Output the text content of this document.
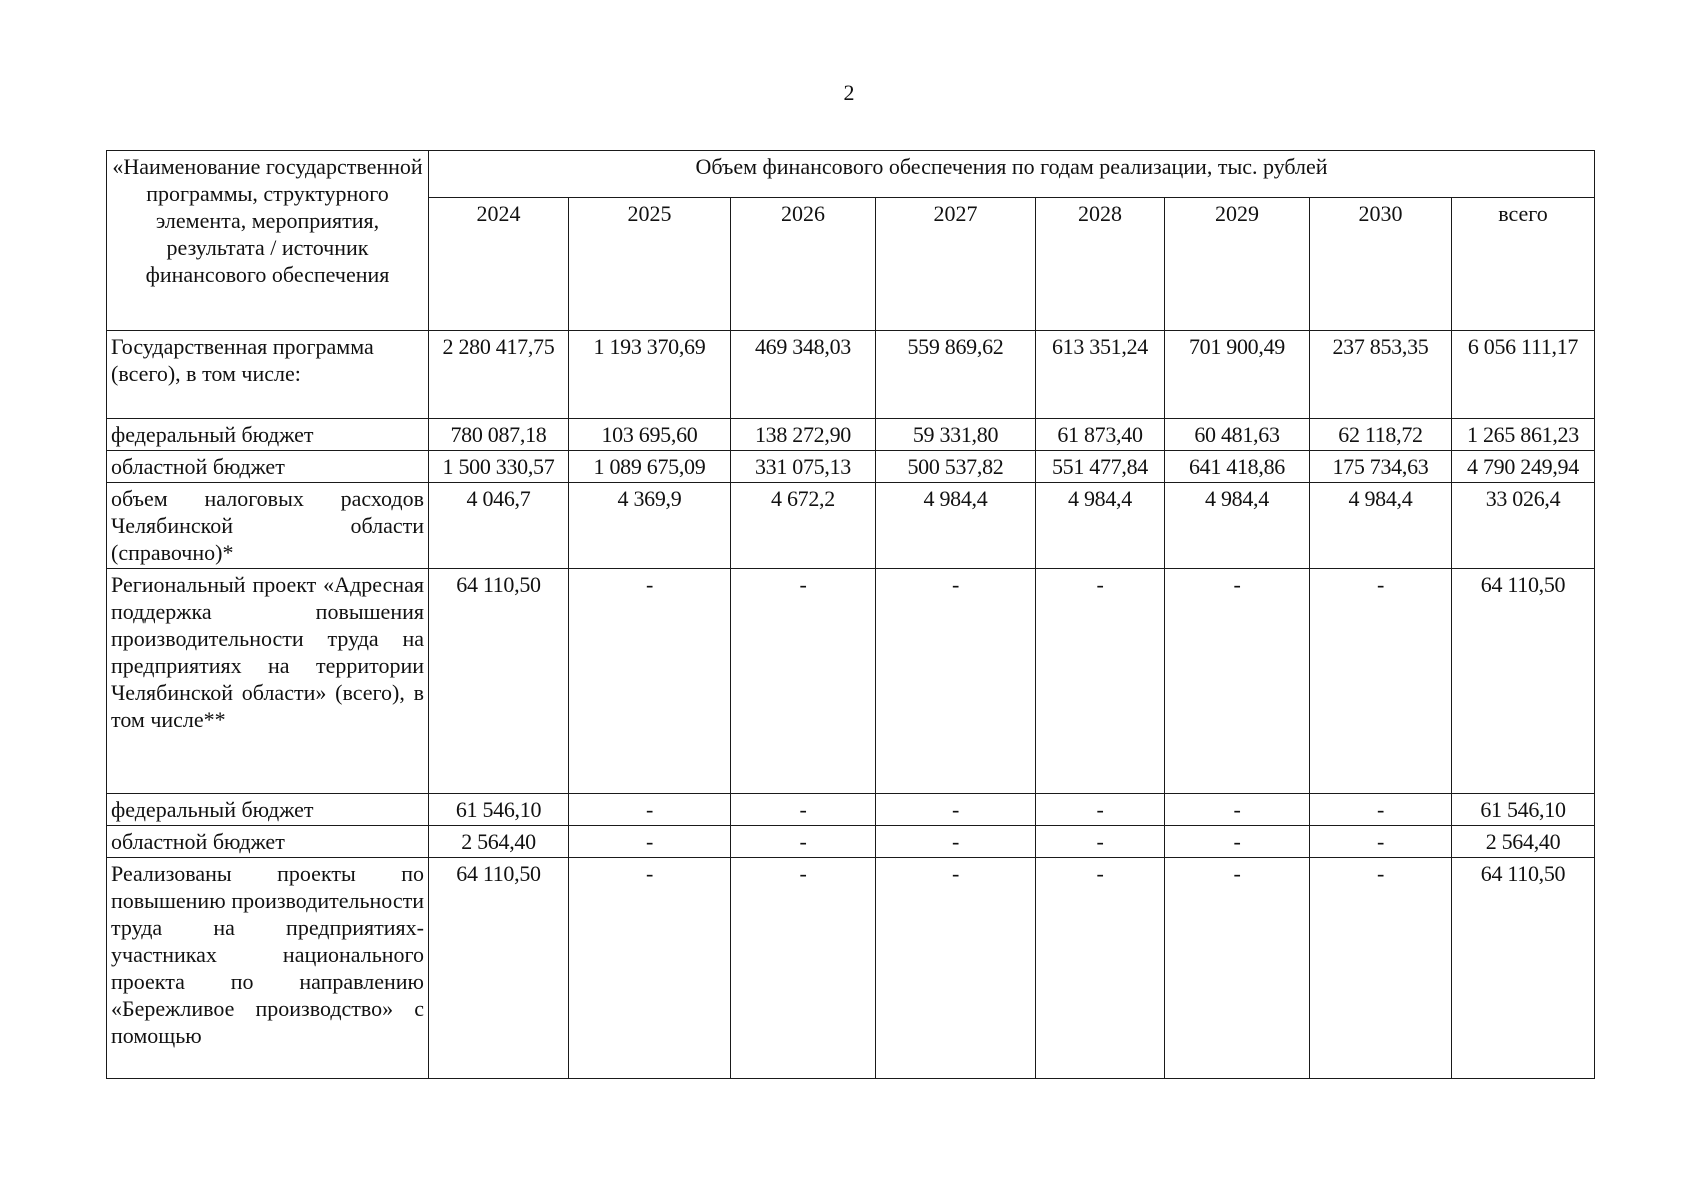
2
«Наименование государственной программы, структурного элемента, мероприятия, результата / источник финансового обеспечения	Объем финансового обеспечения по годам реализации, тыс. рублей							
	2024	2025	2026	2027	2028	2029	2030	всего
Государственная программа (всего), в том числе:	2 280 417,75	1 193 370,69	469 348,03	559 869,62	613 351,24	701 900,49	237 853,35	6 056 111,17
федеральный бюджет	780 087,18	103 695,60	138 272,90	59 331,80	61 873,40	60 481,63	62 118,72	1 265 861,23
областной бюджет	1 500 330,57	1 089 675,09	331 075,13	500 537,82	551 477,84	641 418,86	175 734,63	4 790 249,94
объем налоговых расходов Челябинской области (справочно)*	4 046,7	4 369,9	4 672,2	4 984,4	4 984,4	4 984,4	4 984,4	33 026,4
Региональный проект «Адресная поддержка повышения производительности труда на предприятиях на территории Челябинской области» (всего), в том числе**	64 110,50	-	-	-	-	-	-	64 110,50
федеральный бюджет	61 546,10	-	-	-	-	-	-	61 546,10
областной бюджет	2 564,40	-	-	-	-	-	-	2 564,40
Реализованы проекты по повышению производительности труда на предприятиях-участниках национального проекта по направлению «Бережливое производство» с помощью	64 110,50	-	-	-	-	-	-	64 110,50
